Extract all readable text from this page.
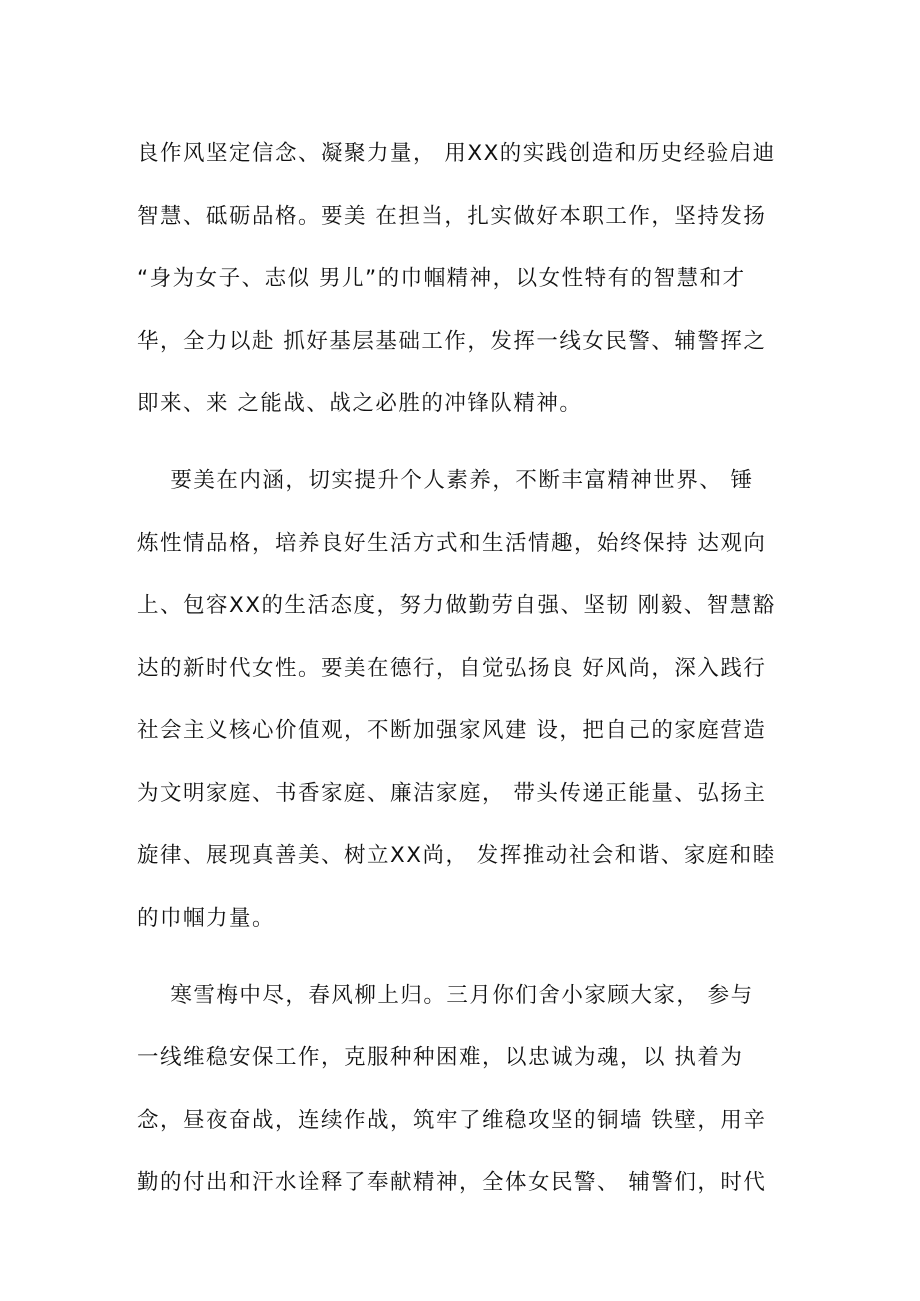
良作风坚定信念、凝聚力量， 用XX的实践创造和历史经验启迪
智慧、砥砺品格。要美 在担当，扎实做好本职工作，坚持发扬
“身为女子、志似 男儿”的巾帼精神，以女性特有的智慧和才
华，全力以赴 抓好基层基础工作，发挥一线女民警、辅警挥之
即来、来 之能战、战之必胜的冲锋队精神。
要美在内涵，切实提升个人素养，不断丰富精神世界、 锤
炼性情品格，培养良好生活方式和生活情趣，始终保持 达观向
上、包容XX的生活态度，努力做勤劳自强、坚韧 刚毅、智慧豁
达的新时代女性。要美在德行，自觉弘扬良 好风尚，深入践行
社会主义核心价值观，不断加强家风建 设，把自己的家庭营造
为文明家庭、书香家庭、廉洁家庭， 带头传递正能量、弘扬主
旋律、展现真善美、树立XX尚， 发挥推动社会和谐、家庭和睦
的巾帼力量。
寒雪梅中尽，春风柳上归。三月你们舍小家顾大家， 参与
一线维稳安保工作，克服种种困难，以忠诚为魂，以 执着为
念，昼夜奋战，连续作战，筑牢了维稳攻坚的铜墙 铁壁，用辛
勤的付出和汗水诠释了奉献精神，全体女民警、 辅警们，时代
